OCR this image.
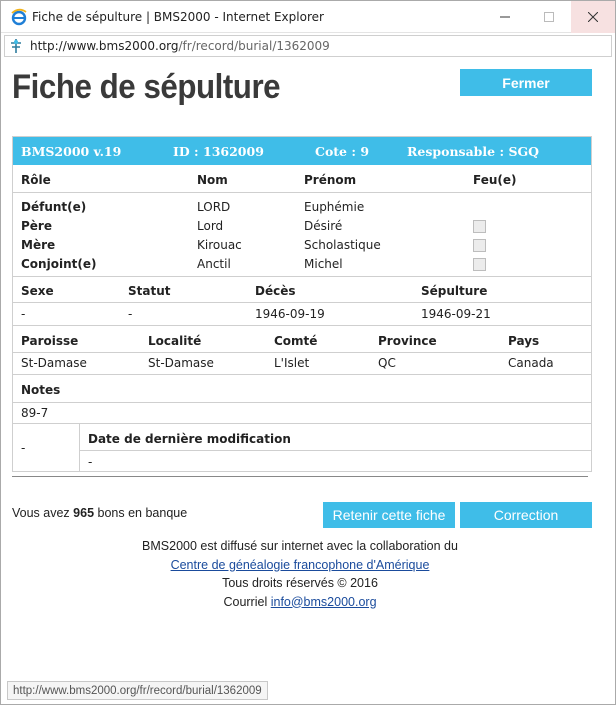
Fiche de sépulture | BMS2000 - Internet Explorer
http://www.bms2000.org /fr/record/burial/1362009
Fiche de sépulture	Fermer
BMS2000 v.19	ID : 1362009	Cote : 9	Responsable : SGQ
Rôle	Nom	Prénom	Feu(e)
Défunt(e)	LORD	Euphémie
Père	Lord	Désiré
Mère	Kirouac	Scholastique
Conjoint(e)	Anctil	Michel
Sexe	Statut	Décès	Sépulture
-	-	1946-09-19	1946-09-21
Paroisse	Localité	Comté	Province	Pays
St-Damase	St-Damase	L'Islet	QC	Canada
Notes
89-7
-
Date de dernière modification
-
Vous avez 965 bons en banque	Retenir cette fiche	Correction
BMS2000 est diffusé sur internet avec la collaboration du
Centre de généalogie francophone d'Amérique
Tous droits réservés © 2016
Courriel info@bms2000.org
http://www.bms2000.org/fr/record/burial/1362009
